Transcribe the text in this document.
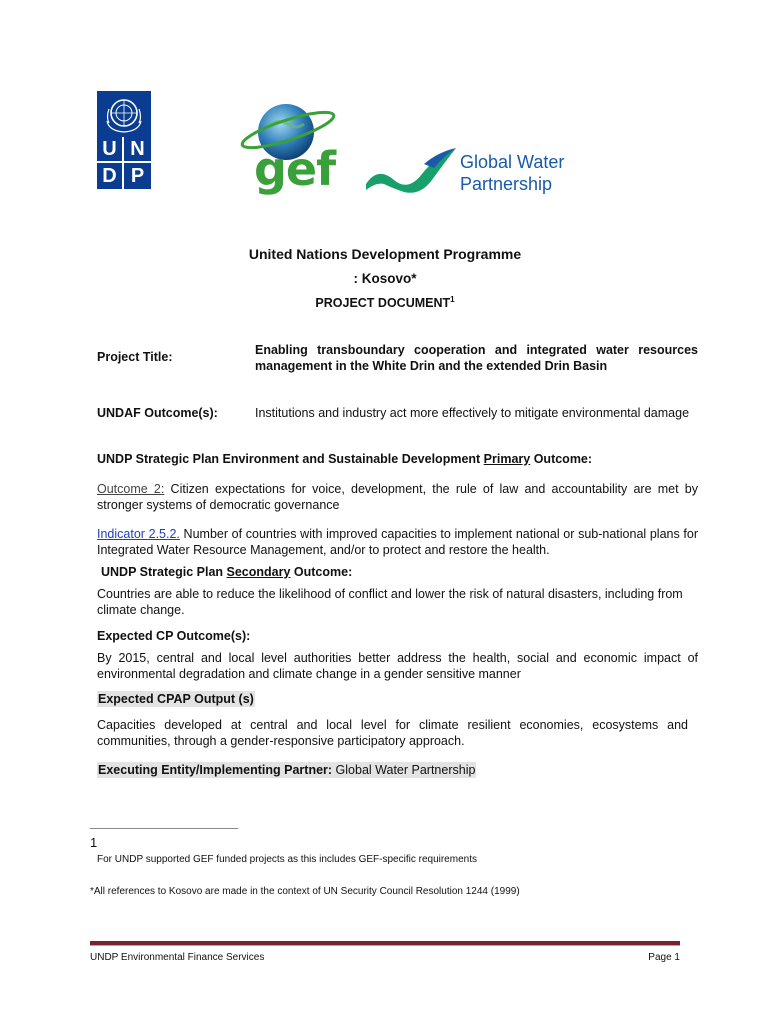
U N
D P gef	Global Water
Partnership
United Nations Development Programme
: Kosovo*
PROJECT DOCUMENT$^1$
Project Title:	Enabling transboundary cooperation and integrated water resources management in the White Drin and the extended Drin Basin
UNDAF Outcome(s):	Institutions and industry act more effectively to mitigate environmental damage
UNDP Strategic Plan Environment and Sustainable Development Primary Outcome:
Outcome 2: Citizen expectations for voice, development, the rule of law and accountability are met by stronger systems of democratic governance
Indicator 2.5.2. Number of countries with improved capacities to implement national or sub-national plans for Integrated Water Resource Management, and/or to protect and restore the health.
UNDP Strategic Plan Secondary Outcome:
Countries are able to reduce the likelihood of conflict and lower the risk of natural disasters, including from climate change.
Expected CP Outcome(s):
By 2015, central and local level authorities better address the health, social and economic impact of environmental degradation and climate change in a gender sensitive manner
Expected CPAP Output (s)
Capacities developed at central and local level for climate resilient economies, ecosystems and communities, through a gender-responsive participatory approach.
Executing Entity/Implementing Partner: Global Water Partnership
1
For UNDP supported GEF funded projects as this includes GEF-specific requirements
*All references to Kosovo are made in the context of UN Security Council Resolution 1244 (1999)
UNDP Environmental Finance Services	Page 1
